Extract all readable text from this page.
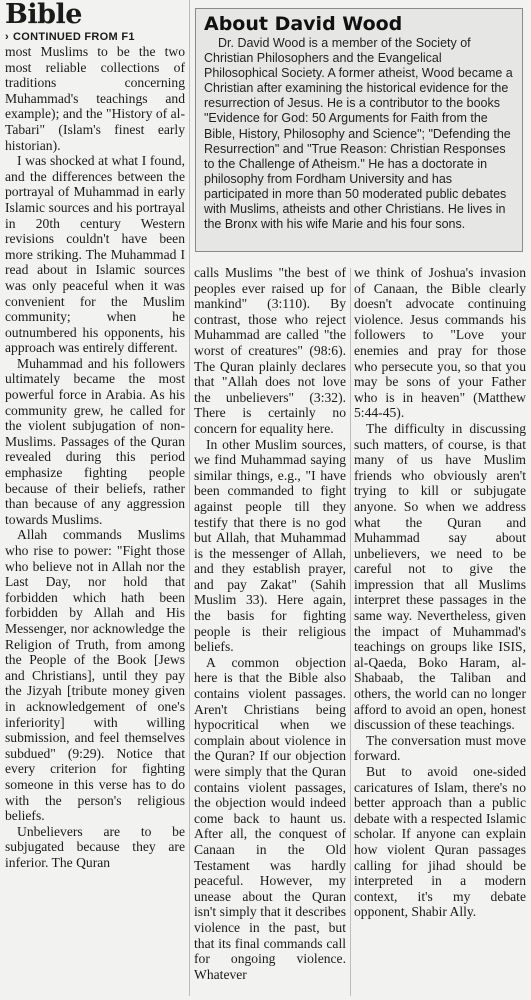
Bible

› CONTINUED FROM F1

most Muslims to be the two most reliable collections of traditions concerning Muhammad's teachings and example); and the "History of al-Tabari" (Islam's finest early historian).

I was shocked at what I found, and the differences between the portrayal of Muhammad in early Islamic sources and his portrayal in 20th century Western revisions couldn't have been more striking. The Muhammad I read about in Islamic sources was only peaceful when it was convenient for the Muslim community; when he outnumbered his opponents, his approach was entirely different.

Muhammad and his followers ultimately became the most powerful force in Arabia. As his community grew, he called for the violent subjugation of non-Muslims. Passages of the Quran revealed during this period emphasize fighting people because of their beliefs, rather than because of any aggression towards Muslims.

Allah commands Muslims who rise to power: "Fight those who believe not in Allah nor the Last Day, nor hold that forbidden which hath been forbidden by Allah and His Messenger, nor acknowledge the Religion of Truth, from among the People of the Book [Jews and Christians], until they pay the Jizyah [tribute money given in acknowledgement of one's inferiority] with willing submission, and feel themselves subdued" (9:29). Notice that every criterion for fighting someone in this verse has to do with the person's religious beliefs.

Unbelievers are to be subjugated because they are inferior. The Quran

About David Wood

Dr. David Wood is a member of the Society of Christian Philosophers and the Evangelical Philosophical Society. A former atheist, Wood became a Christian after examining the historical evidence for the resurrection of Jesus. He is a contributor to the books "Evidence for God: 50 Arguments for Faith from the Bible, History, Philosophy and Science"; "Defending the Resurrection" and "True Reason: Christian Responses to the Challenge of Atheism." He has a doctorate in philosophy from Fordham University and has participated in more than 50 moderated public debates with Muslims, atheists and other Christians. He lives in the Bronx with his wife Marie and his four sons.

calls Muslims "the best of peoples ever raised up for mankind" (3:110). By contrast, those who reject Muhammad are called "the worst of creatures" (98:6). The Quran plainly declares that "Allah does not love the unbelievers" (3:32). There is certainly no concern for equality here.

In other Muslim sources, we find Muhammad saying similar things, e.g., "I have been commanded to fight against people till they testify that there is no god but Allah, that Muhammad is the messenger of Allah, and they establish prayer, and pay Zakat" (Sahih Muslim 33). Here again, the basis for fighting people is their religious beliefs.

A common objection here is that the Bible also contains violent passages. Aren't Christians being hypocritical when we complain about violence in the Quran? If our objection were simply that the Quran contains violent passages, the objection would indeed come back to haunt us. After all, the conquest of Canaan in the Old Testament was hardly peaceful. However, my unease about the Quran isn't simply that it describes violence in the past, but that its final commands call for ongoing violence. Whatever

we think of Joshua's invasion of Canaan, the Bible clearly doesn't advocate continuing violence. Jesus commands his followers to "Love your enemies and pray for those who persecute you, so that you may be sons of your Father who is in heaven" (Matthew 5:44-45).

The difficulty in discussing such matters, of course, is that many of us have Muslim friends who obviously aren't trying to kill or subjugate anyone. So when we address what the Quran and Muhammad say about unbelievers, we need to be careful not to give the impression that all Muslims interpret these passages in the same way. Nevertheless, given the impact of Muhammad's teachings on groups like ISIS, al-Qaeda, Boko Haram, al-Shabaab, the Taliban and others, the world can no longer afford to avoid an open, honest discussion of these teachings.

The conversation must move forward.

But to avoid one-sided caricatures of Islam, there's no better approach than a public debate with a respected Islamic scholar. If anyone can explain how violent Quran passages calling for jihad should be interpreted in a modern context, it's my debate opponent, Shabir Ally.
